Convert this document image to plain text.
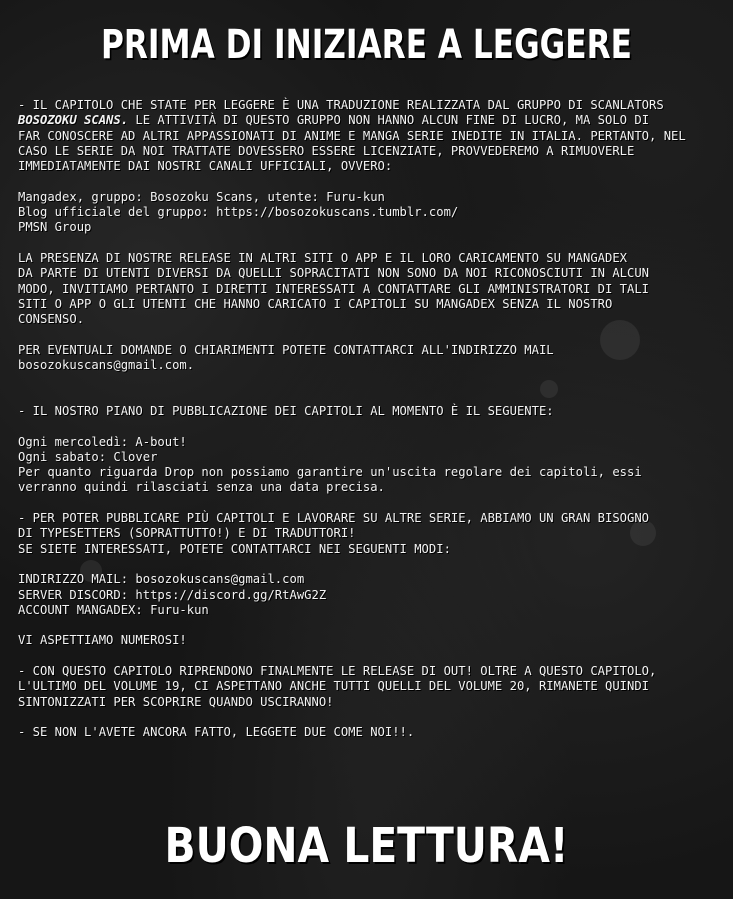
PRIMA DI INIZIARE A LEGGERE
- IL CAPITOLO CHE STATE PER LEGGERE È UNA TRADUZIONE REALIZZATA DAL GRUPPO DI SCANLATORS
BOSOZOKU SCANS. LE ATTIVITÀ DI QUESTO GRUPPO NON HANNO ALCUN FINE DI LUCRO, MA SOLO DI
FAR CONOSCERE AD ALTRI APPASSIONATI DI ANIME E MANGA SERIE INEDITE IN ITALIA. PERTANTO, NEL
CASO LE SERIE DA NOI TRATTATE DOVESSERO ESSERE LICENZIATE, PROVVEDEREMO A RIMUOVERLE
IMMEDIATAMENTE DAI NOSTRI CANALI UFFICIALI, OVVERO:
Mangadex, gruppo: Bosozoku Scans, utente: Furu-kun
Blog ufficiale del gruppo: https://bosozokuscans.tumblr.com/
PMSN Group
LA PRESENZA DI NOSTRE RELEASE IN ALTRI SITI O APP E IL LORO CARICAMENTO SU MANGADEX
DA PARTE DI UTENTI DIVERSI DA QUELLI SOPRACITATI NON SONO DA NOI RICONOSCIUTI IN ALCUN
MODO, INVITIAMO PERTANTO I DIRETTI INTERESSATI A CONTATTARE GLI AMMINISTRATORI DI TALI
SITI O APP O GLI UTENTI CHE HANNO CARICATO I CAPITOLI SU MANGADEX SENZA IL NOSTRO
CONSENSO.
PER EVENTUALI DOMANDE O CHIARIMENTI POTETE CONTATTARCI ALL'INDIRIZZO MAIL
bosozokuscans@gmail.com.
- IL NOSTRO PIANO DI PUBBLICAZIONE DEI CAPITOLI AL MOMENTO È IL SEGUENTE:
Ogni mercoledì: A-bout!
Ogni sabato: Clover
Per quanto riguarda Drop non possiamo garantire un'uscita regolare dei capitoli, essi
verranno quindi rilasciati senza una data precisa.
- PER POTER PUBBLICARE PIÙ CAPITOLI E LAVORARE SU ALTRE SERIE, ABBIAMO UN GRAN BISOGNO
DI TYPESETTERS (SOPRATTUTTO!) E DI TRADUTTORI!
SE SIETE INTERESSATI, POTETE CONTATTARCI NEI SEGUENTI MODI:
INDIRIZZO MAIL: bosozokuscans@gmail.com
SERVER DISCORD: https://discord.gg/RtAwG2Z
ACCOUNT MANGADEX: Furu-kun
VI ASPETTIAMO NUMEROSI!
- CON QUESTO CAPITOLO RIPRENDONO FINALMENTE LE RELEASE DI OUT! OLTRE A QUESTO CAPITOLO,
L'ULTIMO DEL VOLUME 19, CI ASPETTANO ANCHE TUTTI QUELLI DEL VOLUME 20, RIMANETE QUINDI
SINTONIZZATI PER SCOPRIRE QUANDO USCIRANNO!
- SE NON L'AVETE ANCORA FATTO, LEGGETE DUE COME NOI!!.
BUONA LETTURA!
